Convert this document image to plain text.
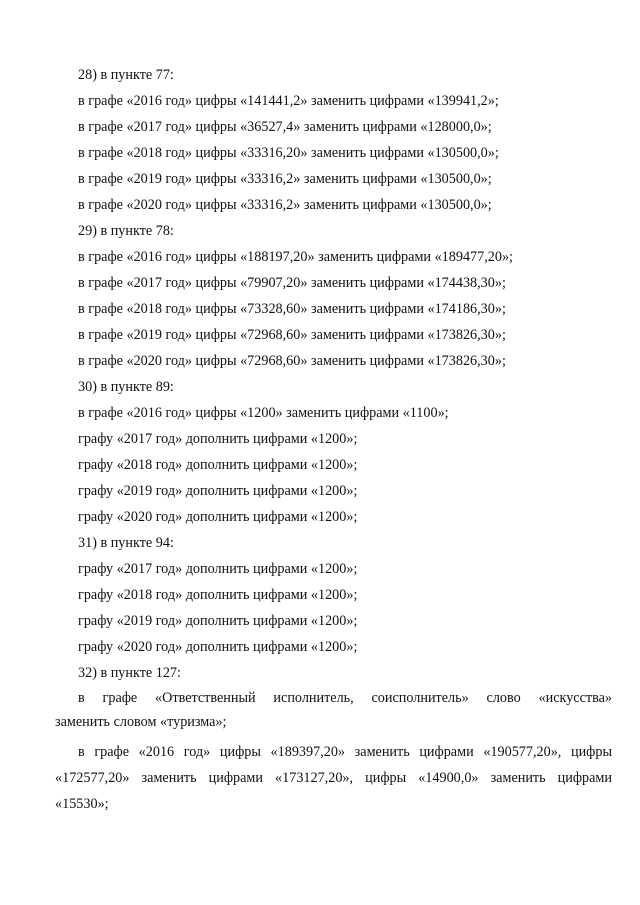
28) в пункте 77:
в графе «2016 год» цифры «141441,2» заменить цифрами «139941,2»;
в графе «2017 год» цифры «36527,4» заменить цифрами «128000,0»;
в графе «2018 год» цифры «33316,20» заменить цифрами «130500,0»;
в графе «2019 год» цифры «33316,2» заменить цифрами «130500,0»;
в графе «2020 год» цифры «33316,2» заменить цифрами «130500,0»;
29) в пункте 78:
в графе «2016 год» цифры «188197,20» заменить цифрами «189477,20»;
в графе «2017 год» цифры «79907,20» заменить цифрами «174438,30»;
в графе «2018 год» цифры «73328,60» заменить цифрами «174186,30»;
в графе «2019 год» цифры «72968,60» заменить цифрами «173826,30»;
в графе «2020 год» цифры «72968,60» заменить цифрами «173826,30»;
30) в пункте 89:
в графе «2016 год» цифры «1200» заменить цифрами «1100»;
графу «2017 год» дополнить цифрами «1200»;
графу «2018 год» дополнить цифрами «1200»;
графу «2019 год» дополнить цифрами «1200»;
графу «2020 год» дополнить цифрами «1200»;
31) в пункте 94:
графу «2017 год» дополнить цифрами «1200»;
графу «2018 год» дополнить цифрами «1200»;
графу «2019 год» дополнить цифрами «1200»;
графу «2020 год» дополнить цифрами «1200»;
32) в пункте 127:
в графе «Ответственный исполнитель, соисполнитель» слово «искусства»
заменить словом «туризма»;
в графе «2016 год» цифры «189397,20» заменить цифрами «190577,20», цифры
«172577,20» заменить цифрами «173127,20», цифры «14900,0» заменить цифрами
«15530»;
